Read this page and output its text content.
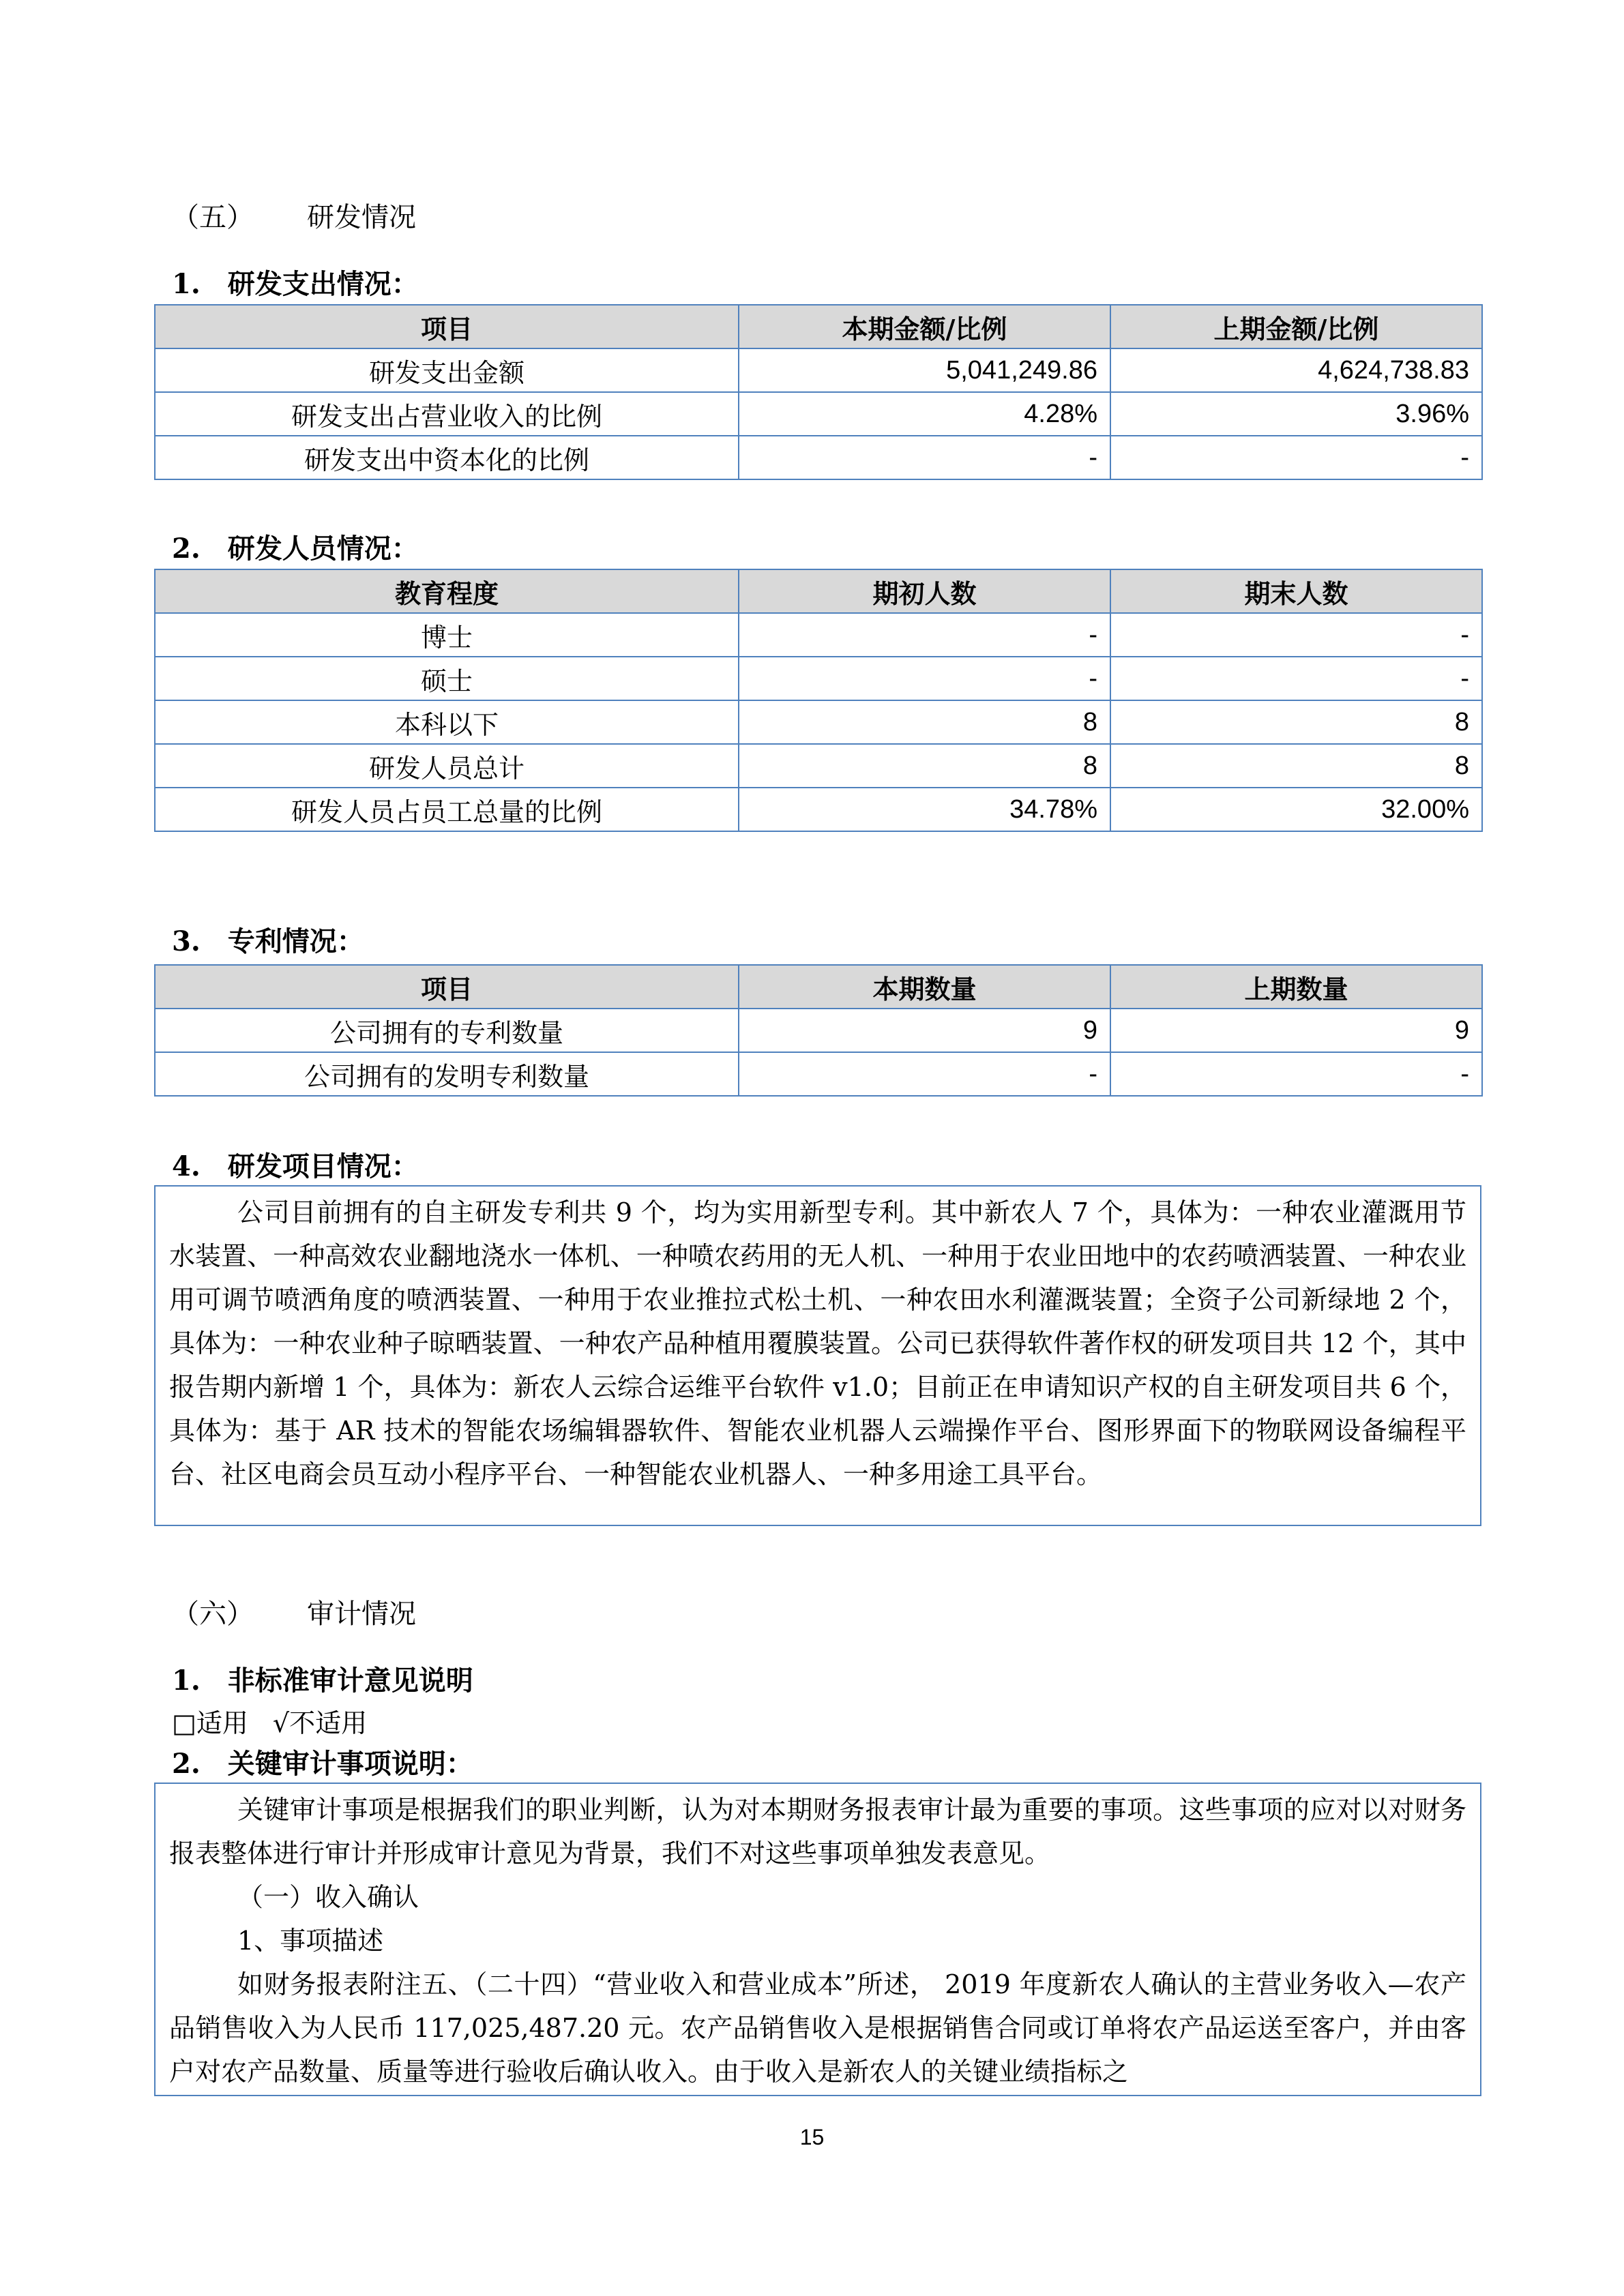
（五） 研发情况
1. 研发支出情况：
项目	本期金额/比例	上期金额/比例
研发支出金额	5,041,249.86	4,624,738.83
研发支出占营业收入的比例	4.28%	3.96%
研发支出中资本化的比例	-	-
2. 研发人员情况：
教育程度	期初人数	期末人数
博士	-	-
硕士	-	-
本科以下	8	8
研发人员总计	8	8
研发人员占员工总量的比例	34.78%	32.00%
3. 专利情况：
项目	本期数量	上期数量
公司拥有的专利数量	9	9
公司拥有的发明专利数量	-	-
4. 研发项目情况：

公司目前拥有的自主研发专利共 9 个，均为实用新型专利。其中新农人 7 个，具体为：一种农业灌溉用节水装置、一种高效农业翻地浇水一体机、一种喷农药用的无人机、一种用于农业田地中的农药喷洒装置、一种农业用可调节喷洒角度的喷洒装置、一种用于农业推拉式松土机、一种农田水利灌溉装置；全资子公司新绿地 2 个，具体为：一种农业种子晾晒装置、一种农产品种植用覆膜装置。公司已获得软件著作权的研发项目共 12 个，其中报告期内新增 1 个，具体为：新农人云综合运维平台软件 v1.0；目前正在申请知识产权的自主研发项目共 6 个，具体为：基于 AR 技术的智能农场编辑器软件、智能农业机器人云端操作平台、图形界面下的物联网设备编程平台、社区电商会员互动小程序平台、一种智能农业机器人、一种多用途工具平台。

（六） 审计情况
1. 非标准审计意见说明
□适用 √不适用
2. 关键审计事项说明：

关键审计事项是根据我们的职业判断，认为对本期财务报表审计最为重要的事项。这些事项的应对以对财务报表整体进行审计并形成审计意见为背景，我们不对这些事项单独发表意见。

（一）收入确认

1、事项描述

如财务报表附注五、（二十四）“营业收入和营业成本”所述， 2019 年度新农人确认的主营业务收入—农产品销售收入为人民币 117,025,487.20 元。农产品销售收入是根据销售合同或订单将农产品运送至客户，并由客户对农产品数量、质量等进行验收后确认收入。由于收入是新农人的关键业绩指标之

15
